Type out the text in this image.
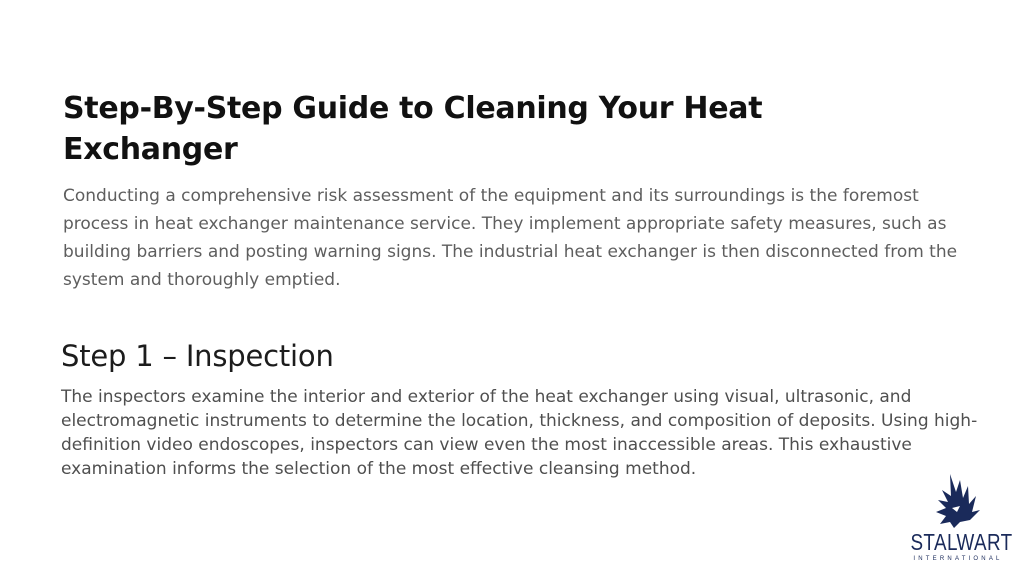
Step-By-Step Guide to Cleaning Your Heat Exchanger

Conducting a comprehensive risk assessment of the equipment and its surroundings is the foremost process in heat exchanger maintenance service. They implement appropriate safety measures, such as building barriers and posting warning signs. The industrial heat exchanger is then disconnected from the system and thoroughly emptied.

Step 1 – Inspection

The inspectors examine the interior and exterior of the heat exchanger using visual, ultrasonic, and electromagnetic instruments to determine the location, thickness, and composition of deposits. Using high-definition video endoscopes, inspectors can view even the most inaccessible areas. This exhaustive examination informs the selection of the most effective cleansing method.

STALWART
INTERNATIONAL
